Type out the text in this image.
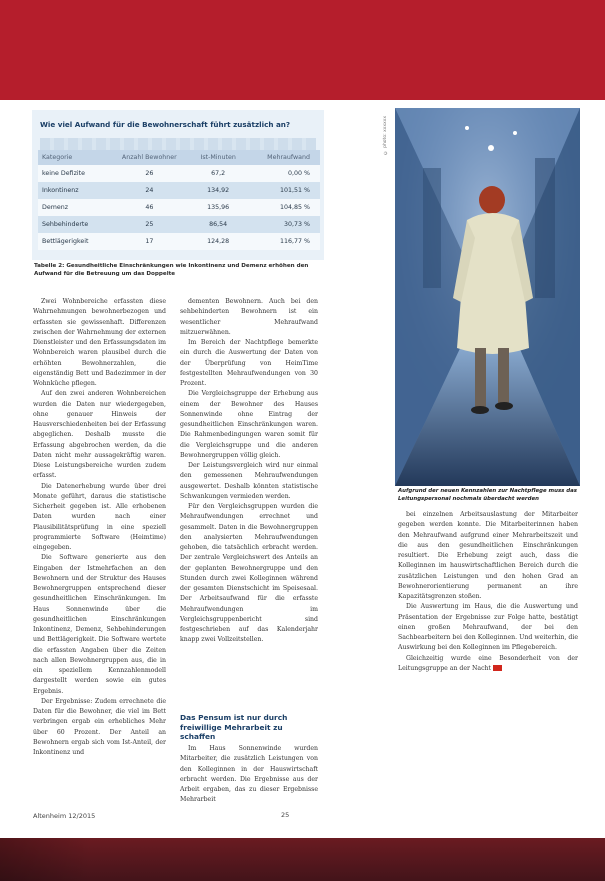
Wie viel Aufwand für die Bewohnerschaft führt zusätzlich an?
Kategorie	Anzahl Bewohner	Ist-Minuten	Mehraufwand
keine Defizite	26	67,2	0,00 %
Inkontinenz	24	134,92	101,51 %
Demenz	46	135,96	104,85 %
Sehbehinderte	25	86,54	30,73 %
Bettlägerigkeit	17	124,28	116,77 %
Tabelle 2: Gesundheitliche Einschränkungen wie Inkontinenz und Demenz erhöhen den Aufwand für die Betreuung um das Doppelte
© photo: xxxxxx
Aufgrund der neuen Kennzahlen zur Nachtpflege muss das Leitungspersonal nochmals überdacht werden

Zwei Wohnbereiche erfassten diese Wahrnehmungen bewohnerbezogen und erfassten sie gewissenhaft. Differenzen zwischen der Wahrnehmung der externen Dienstleister und den Erfassungsdaten im Wohnbereich waren plausibel durch die erhöhten Bewohnerzahlen, die eigenständig Bett und Badezimmer in der Wohnküche pflegen.

Auf den zwei anderen Wohnbereichen wurden die Daten nur wiedergegeben, ohne genauer Hinweis der Hausverschiedenheiten bei der Erfassung abgeglichen. Deshalb musste die Erfassung abgebrochen werden, da die Daten nicht mehr aussagekräftig waren. Diese Leistungsbereiche wurden zudem erfasst.

Die Datenerhebung wurde über drei Monate geführt, daraus die statistische Sicherheit gegeben ist. Alle erhobenen Daten wurden nach einer Plausibilitätsprüfung in eine speziell programmierte Software (Heimtime) eingegeben.

Die Software generierte aus den Eingaben der Istmehrfachen an den Bewohnern und der Struktur des Hauses Bewohnergruppen entsprechend dieser gesundheitlichen Einschränkungen. Im Haus Sonnenwinde über die gesundheitlichen Einschränkungen Inkontinenz, Demenz, Sehbehinderungen und Bettlägerigkeit. Die Software wertete die erfassten Angaben über die Zeiten nach allen Bewohnergruppen aus, die in ein speziellem Kennzahlenmodell dargestellt werden sowie ein gutes Ergebnis.

Der Ergebnisse: Zudem errechnete die Daten für die Bewohner, die viel im Bett verbringen ergab ein erhebliches Mehr über 60 Prozent. Der Anteil an Bewohnern ergab sich vom Ist-Anteil, der Inkontinenz und

dementen Bewohnern. Auch bei den sehbehinderten Bewohnern ist ein wesentlicher Mehraufwand mitzuerwähnen.

Im Bereich der Nachtpflege bemerkte ein durch die Auswertung der Daten von der Überprüfung von HeimTime festgestellten Mehraufwendungen von 30 Prozent.

Die Vergleichsgruppe der Erhebung aus einem der Bewohner des Hauses Sonnenwinde ohne Eintrag der gesundheitlichen Einschränkungen waren. Die Rahmenbedingungen waren somit für die Vergleichsgruppe und die anderen Bewohnergruppen völlig gleich.

Der Leistungsvergleich wird nur einmal den gemessenen Mehraufwendungen ausgewertet. Deshalb könnten statistische Schwankungen vermieden werden.

Für den Vergleichsgruppen wurden die Mehraufwendungen errechnet und gesammelt. Daten in die Bewohnergruppen den analysierten Mehraufwendungen gehoben, die tatsächlich erbracht werden. Der zentrale Vergleichswert des Anteils an der geplanten Bewohnergruppe und den Stunden durch zwei Kolleginnen während der gesamten Dienstschicht im Speisesaal. Der Arbeitsaufwand für die erfasste Mehraufwendungen im Vergleichsgruppenbericht sind festgeschrieben auf das Kalenderjahr knapp zwei Vollzeitstellen.

Das Pensum ist nur durch freiwillige Mehrarbeit zu schaffen

Im Haus Sonnenwinde wurden Mitarbeiter, die zusätzlich Leistungen von den Kolleginnen in der Hauswirtschaft erbracht werden. Die Ergebnisse aus der Arbeit ergaben, das zu dieser Ergebnisse Mehrarbeit

bei einzelnen Arbeitsauslastung der Mitarbeiter gegeben werden konnte. Die Mitarbeiterinnen haben den Mehraufwand aufgrund einer Mehrarbeitszeit und die aus den gesundheitlichen Einschränkungen resultiert. Die Erhebung zeigt auch, dass die Kolleginnen im hauswirtschaftlichen Bereich durch die zusätzlichen Leistungen und den hohen Grad an Bewohnerorientierung permanent an ihre Kapazitätsgrenzen stoßen.

Die Auswertung im Haus, die die Auswertung und Präsentation der Ergebnisse zur Folge hatte, bestätigt einen großen Mehraufwand, der bei den Sachbearbeitern bei den Kolleginnen. Und weiterhin, die Auswirkung bei den Kolleginnen im Pflegebereich.

Gleichzeitig wurde eine Besonderheit von der Leitungsgruppe an der Nacht

Altenheim 12/2015	25
